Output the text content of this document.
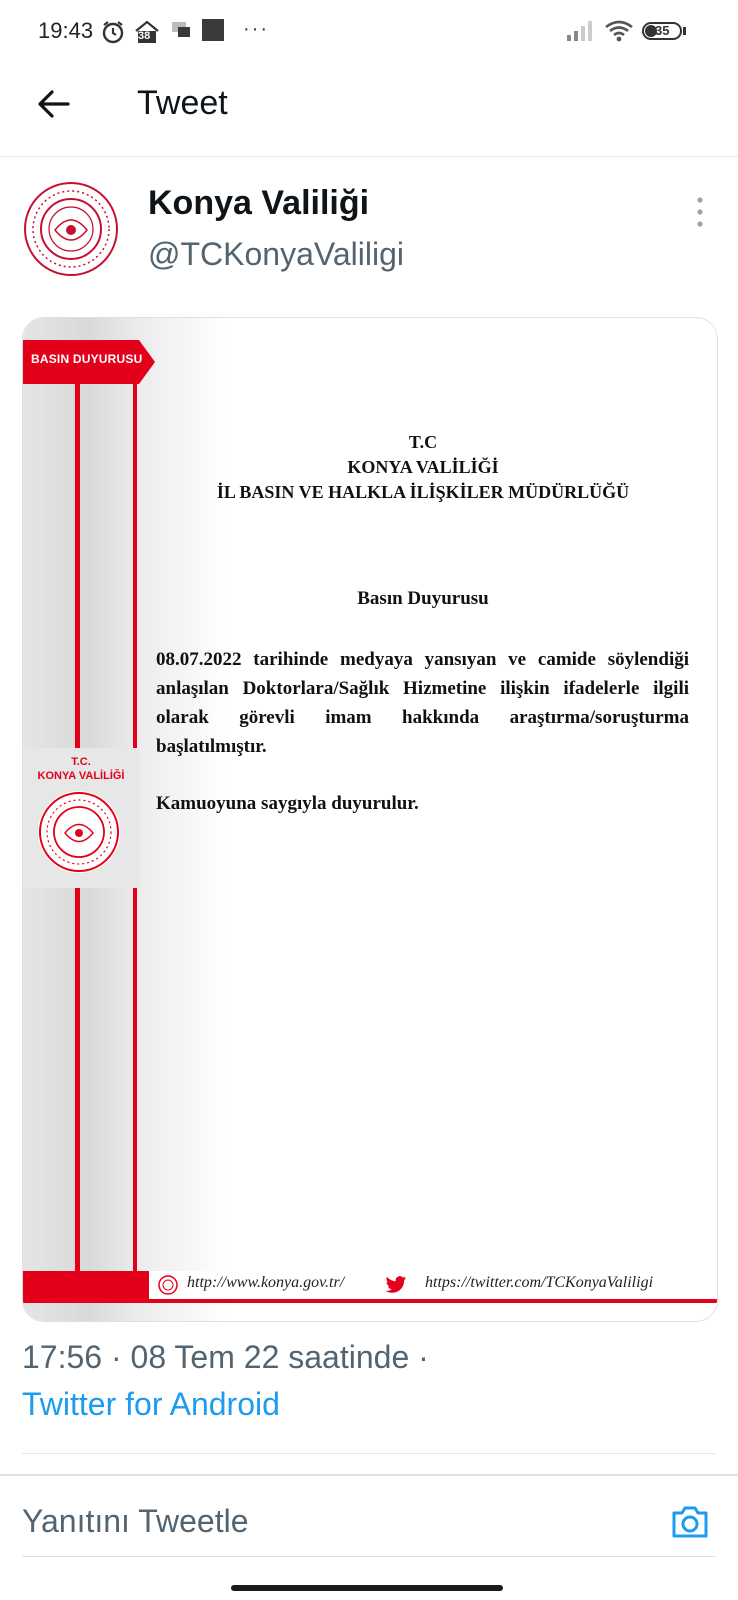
19:43	38	···	35
Tweet
Konya Valiliği
@TCKonyaValiligi
BASIN DUYURUSU
T.C.
KONYA VALİLİĞİ
T.C
KONYA VALİLİĞİ
İL BASIN VE HALKLA İLİŞKİLER MÜDÜRLÜĞÜ
Basın Duyurusu
08.07.2022 tarihinde medyaya yansıyan ve camide söylendiği anlaşılan Doktorlara/Sağlık Hizmetine ilişkin ifadelerle ilgili olarak görevli imam hakkında araştırma/soruşturma başlatılmıştır.
Kamuoyuna saygıyla duyurulur.
http://www.konya.gov.tr/	https://twitter.com/TCKonyaValiligi
17:56 · 08 Tem 22 saatinde ·
Twitter for Android
Yanıtını Tweetle
